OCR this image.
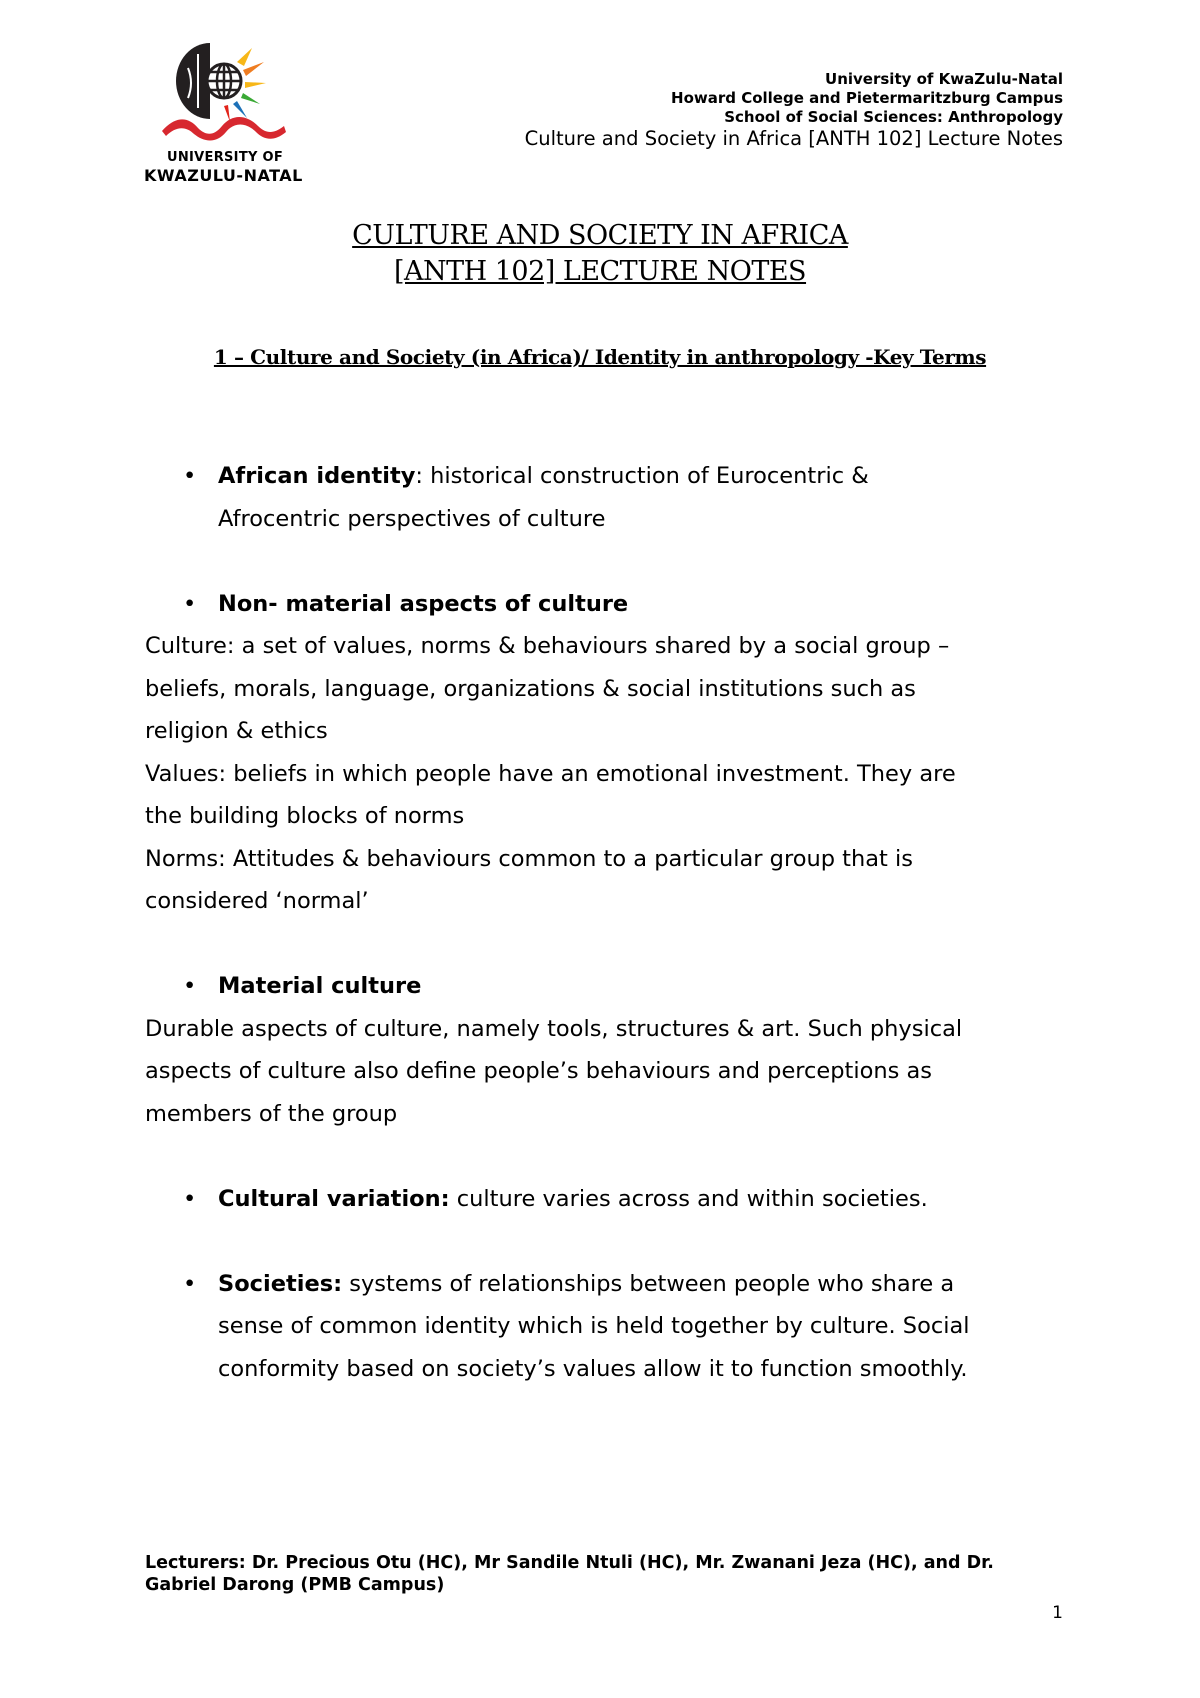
UNIVERSITY OF
KWAZULU-NATAL
University of KwaZulu-Natal
Howard College and Pietermaritzburg Campus
School of Social Sciences: Anthropology
Culture and Society in Africa [ANTH 102] Lecture Notes
CULTURE AND SOCIETY IN AFRICA
[ANTH 102] LECTURE NOTES
1 – Culture and Society (in Africa)/ Identity in anthropology -Key Terms
• African identity: historical construction of Eurocentric &
Afrocentric perspectives of culture
• Non- material aspects of culture
Culture: a set of values, norms & behaviours shared by a social group –
beliefs, morals, language, organizations & social institutions such as
religion & ethics
Values: beliefs in which people have an emotional investment. They are
the building blocks of norms
Norms: Attitudes & behaviours common to a particular group that is
considered ‘normal’
• Material culture
Durable aspects of culture, namely tools, structures & art. Such physical
aspects of culture also define people’s behaviours and perceptions as
members of the group
• Cultural variation: culture varies across and within societies.
• Societies: systems of relationships between people who share a
sense of common identity which is held together by culture. Social
conformity based on society’s values allow it to function smoothly.
Lecturers: Dr. Precious Otu (HC), Mr Sandile Ntuli (HC), Mr. Zwanani Jeza (HC), and Dr.
Gabriel Darong (PMB Campus)
1
